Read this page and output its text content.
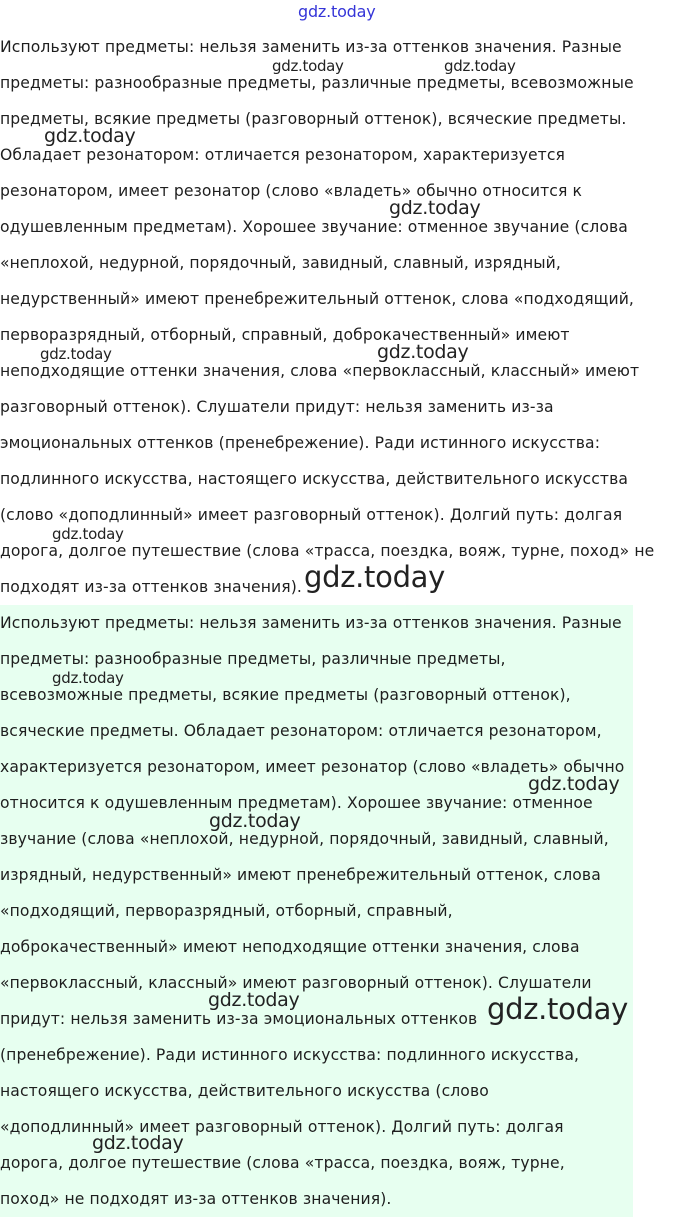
gdz.today

Используют предметы: нельзя заменить из-за оттенков значения. Разные предметы: разнообразные предметы, различные предметы, всевозможные предметы, всякие предметы (разговорный оттенок), всяческие предметы. Обладает резонатором: отличается резонатором, характеризуется резонатором, имеет резонатор (слово «владеть» обычно относится к одушевленным предметам). Хорошее звучание: отменное звучание (слова «неплохой, недурной, порядочный, завидный, славный, изрядный, недурственный» имеют пренебрежительный оттенок, слова «подходящий, перворазрядный, отборный, справный, доброкачественный» имеют неподходящие оттенки значения, слова «первоклассный, классный» имеют разговорный оттенок). Слушатели придут: нельзя заменить из-за эмоциональных оттенков (пренебрежение). Ради истинного искусства: подлинного искусства, настоящего искусства, действительного искусства (слово «доподлинный» имеет разговорный оттенок). Долгий путь: долгая дорога, долгое путешествие (слова «трасса, поездка, вояж, турне, поход» не подходят из-за оттенков значения).

Используют предметы: нельзя заменить из-за оттенков значения. Разные предметы: разнообразные предметы, различные предметы, всевозможные предметы, всякие предметы (разговорный оттенок), всяческие предметы. Обладает резонатором: отличается резонатором, характеризуется резонатором, имеет резонатор (слово «владеть» обычно относится к одушевленным предметам). Хорошее звучание: отменное звучание (слова «неплохой, недурной, порядочный, завидный, славный, изрядный, недурственный» имеют пренебрежительный оттенок, слова «подходящий, перворазрядный, отборный, справный, доброкачественный» имеют неподходящие оттенки значения, слова «первоклассный, классный» имеют разговорный оттенок). Слушатели придут: нельзя заменить из-за эмоциональных оттенков (пренебрежение). Ради истинного искусства: подлинного искусства, настоящего искусства, действительного искусства (слово «доподлинный» имеет разговорный оттенок). Долгий путь: долгая дорога, долгое путешествие (слова «трасса, поездка, вояж, турне, поход» не подходят из-за оттенков значения).

gdz.today	gdz.today
gdz.today
gdz.today
gdz.today	gdz.today
gdz.today
gdz.today
gdz.today
gdz.today
gdz.today
gdz.today	gdz.today
gdz.today
